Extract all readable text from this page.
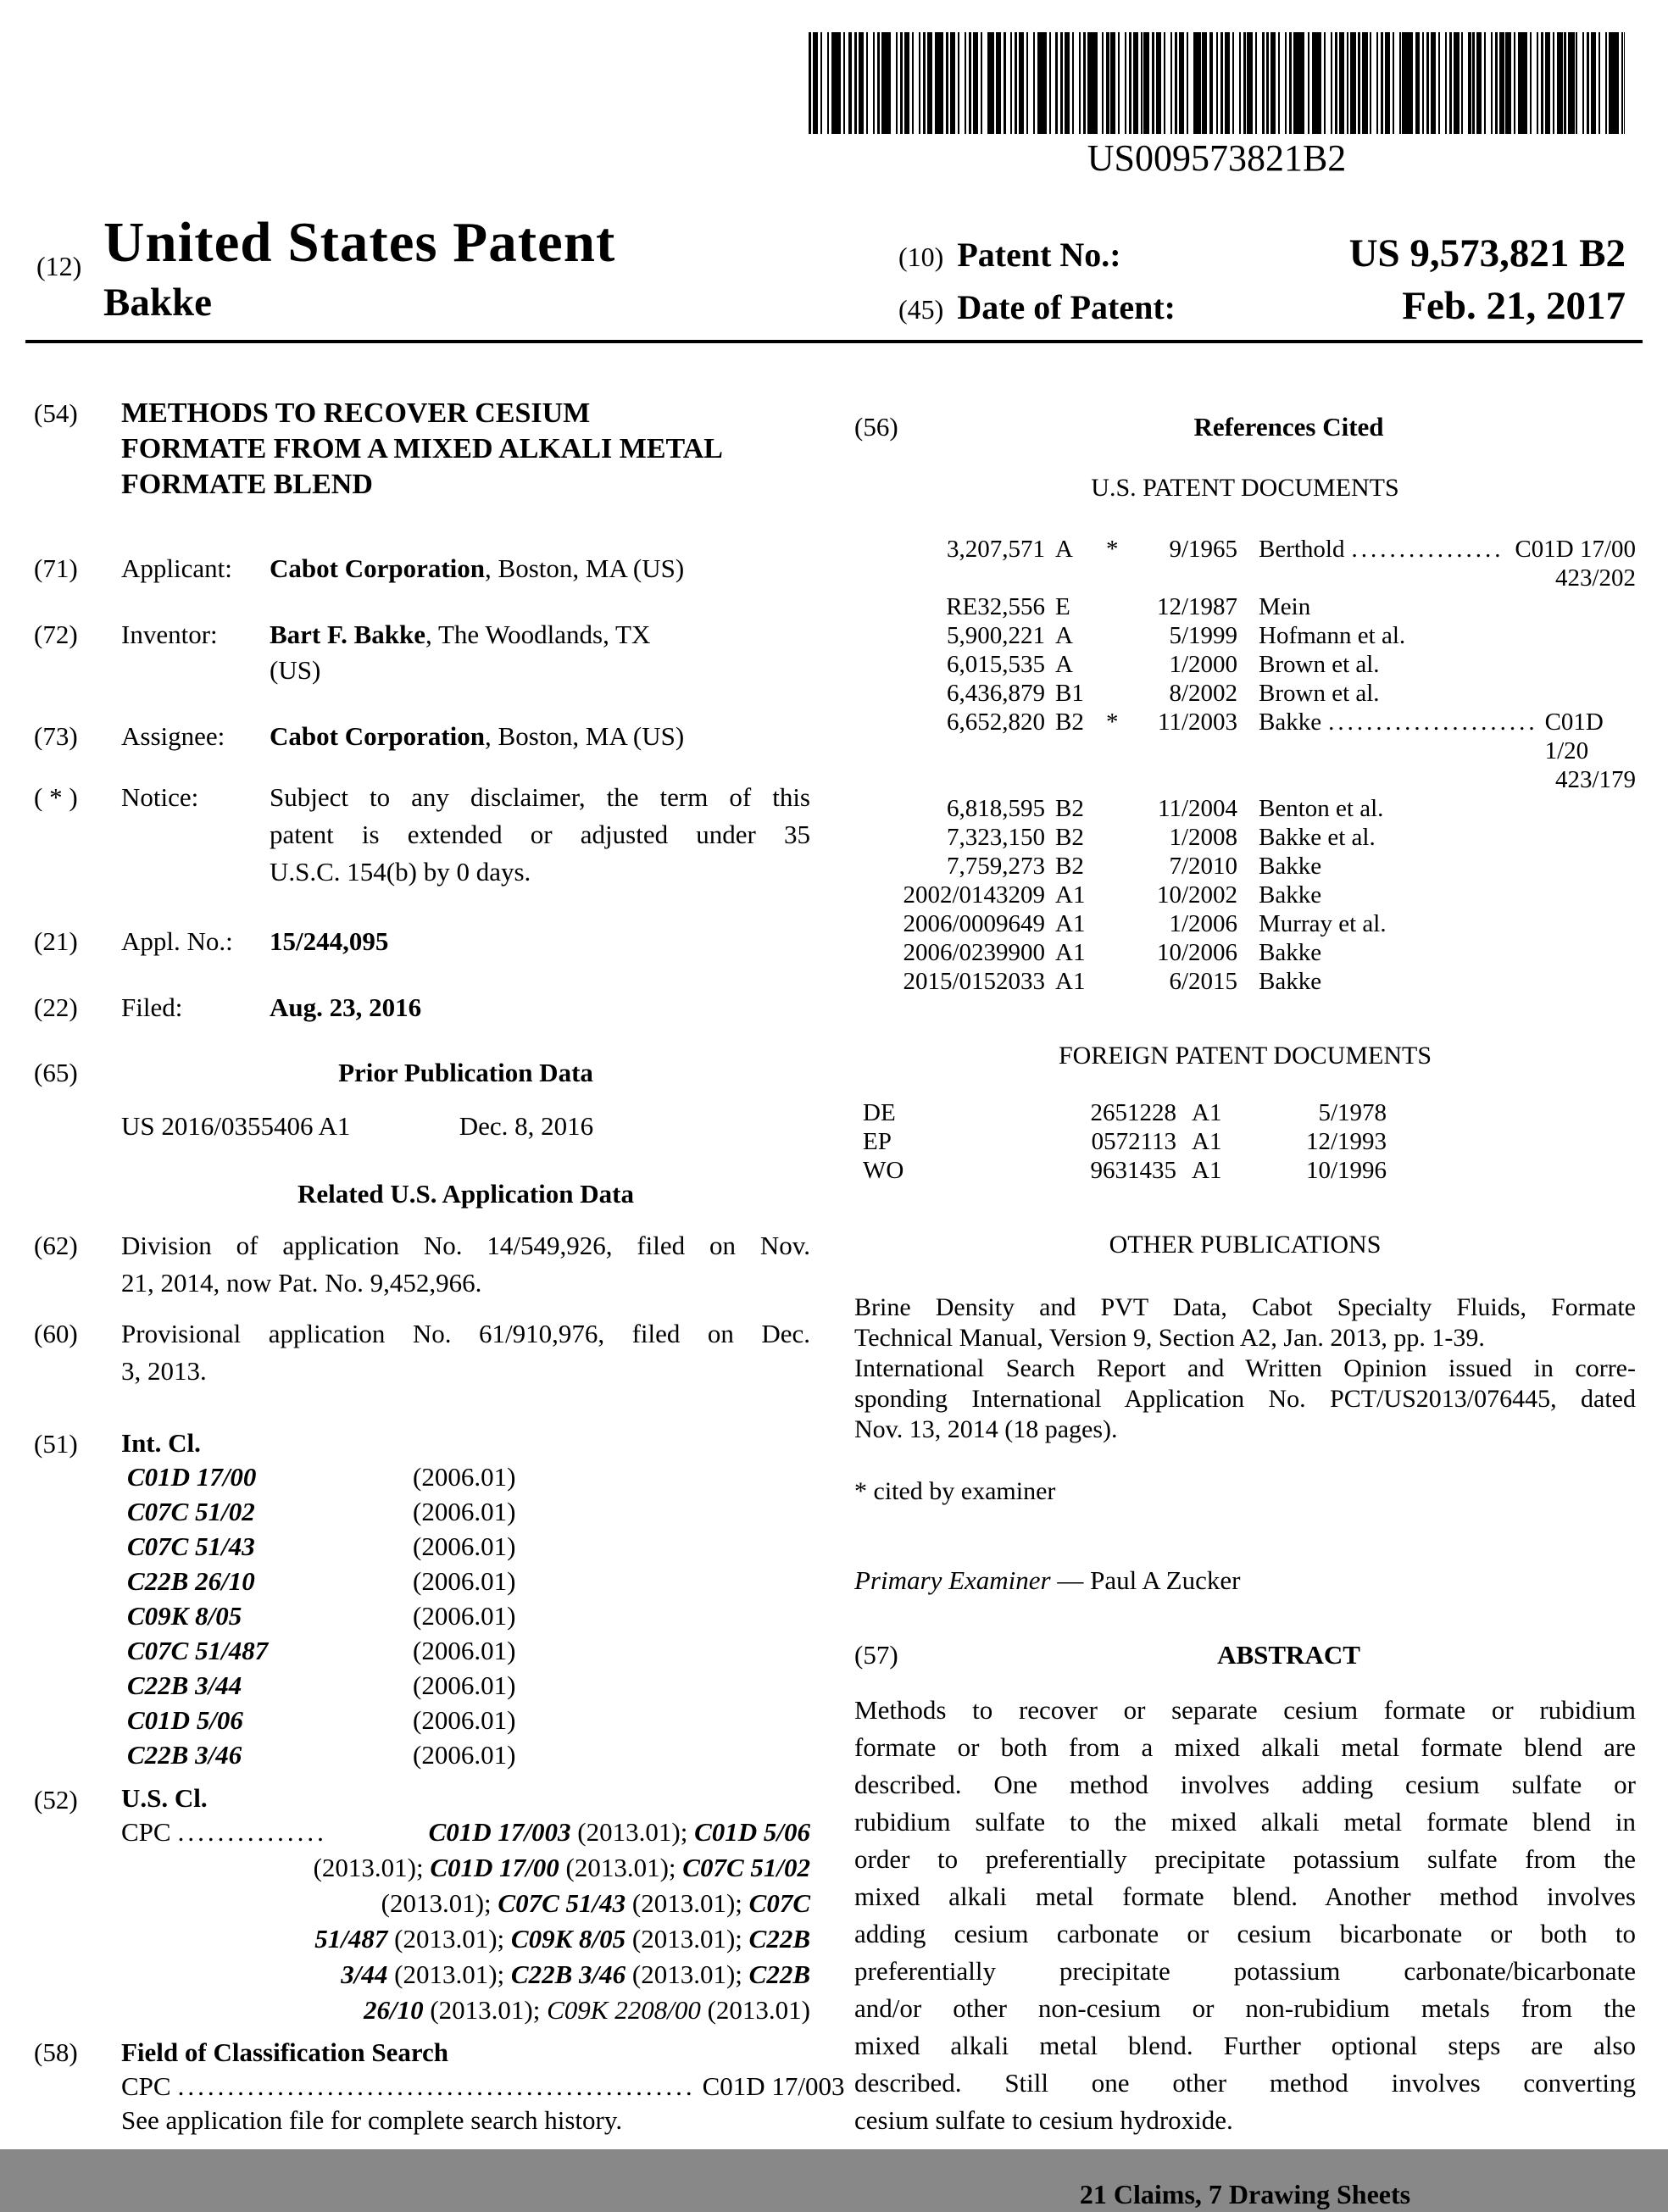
US009573821B2
(12) United States Patent
Bakke
(10) Patent No.:	US 9,573,821 B2
(45) Date of Patent:	Feb. 21, 2017
(54)	METHODS TO RECOVER CESIUM
FORMATE FROM A MIXED ALKALI METAL
FORMATE BLEND
(71)	Applicant:	Cabot Corporation, Boston, MA (US)
(72)	Inventor:	Bart F. Bakke, The Woodlands, TX
(US)
(73)	Assignee:	Cabot Corporation, Boston, MA (US)
( * )	Notice:	Subject to any disclaimer, the term of this
patent is extended or adjusted under 35
U.S.C. 154(b) by 0 days.
(21)	Appl. No.:	15/244,095
(22)	Filed:	Aug. 23, 2016
(65)	Prior Publication Data
US 2016/0355406 A1	Dec. 8, 2016
Related U.S. Application Data
(62)	Division of application No. 14/549,926, filed on Nov.
21, 2014, now Pat. No. 9,452,966.
(60)	Provisional application No. 61/910,976, filed on Dec.
3, 2013.
(51)	Int. Cl.
C01D 17/00	(2006.01)
C07C 51/02	(2006.01)
C07C 51/43	(2006.01)
C22B 26/10	(2006.01)
C09K 8/05	(2006.01)
C07C 51/487	(2006.01)
C22B 3/44	(2006.01)
C01D 5/06	(2006.01)
C22B 3/46	(2006.01)
(52)	U.S. Cl.
CPC ...............	C01D 17/003 (2013.01); C01D 5/06
(2013.01); C01D 17/00 (2013.01); C07C 51/02
(2013.01); C07C 51/43 (2013.01); C07C
51/487 (2013.01); C09K 8/05 (2013.01); C22B
3/44 (2013.01); C22B 3/46 (2013.01); C22B
26/10 (2013.01); C09K 2208/00 (2013.01)
(58)	Field of Classification Search
CPC .................................................... C01D 17/003
See application file for complete search history.
(56)	References Cited
U.S. PATENT DOCUMENTS
3,207,571 A	*	9/1965 Berthold ................ C01D 17/00
423/202
RE32,556 E	12/1987 Mein
5,900,221 A	5/1999 Hofmann et al.
6,015,535 A	1/2000 Brown et al.
6,436,879 B1	8/2002 Brown et al.
6,652,820 B2 *	11/2003 Bakke ...................... C01D 1/20
423/179
6,818,595 B2	11/2004 Benton et al.
7,323,150 B2	1/2008 Bakke et al.
7,759,273 B2	7/2010 Bakke
2002/0143209 A1	10/2002 Bakke
2006/0009649 A1	1/2006 Murray et al.
2006/0239900 A1	10/2006 Bakke
2015/0152033 A1	6/2015 Bakke
FOREIGN PATENT DOCUMENTS
DE	2651228 A1	5/1978
EP	0572113 A1	12/1993
WO	9631435 A1	10/1996
OTHER PUBLICATIONS
Brine Density and PVT Data, Cabot Specialty Fluids, Formate
Technical Manual, Version 9, Section A2, Jan. 2013, pp. 1-39.
International Search Report and Written Opinion issued in corre-
sponding International Application No. PCT/US2013/076445, dated
Nov. 13, 2014 (18 pages).
* cited by examiner
Primary Examiner — Paul A Zucker
(57)	ABSTRACT
Methods to recover or separate cesium formate or rubidium
formate or both from a mixed alkali metal formate blend are
described. One method involves adding cesium sulfate or
rubidium sulfate to the mixed alkali metal formate blend in
order to preferentially precipitate potassium sulfate from the
mixed alkali metal formate blend. Another method involves
adding cesium carbonate or cesium bicarbonate or both to
preferentially precipitate potassium carbonate/bicarbonate
and/or other non-cesium or non-rubidium metals from the
mixed alkali metal blend. Further optional steps are also
described. Still one other method involves converting
cesium sulfate to cesium hydroxide.
21 Claims, 7 Drawing Sheets
